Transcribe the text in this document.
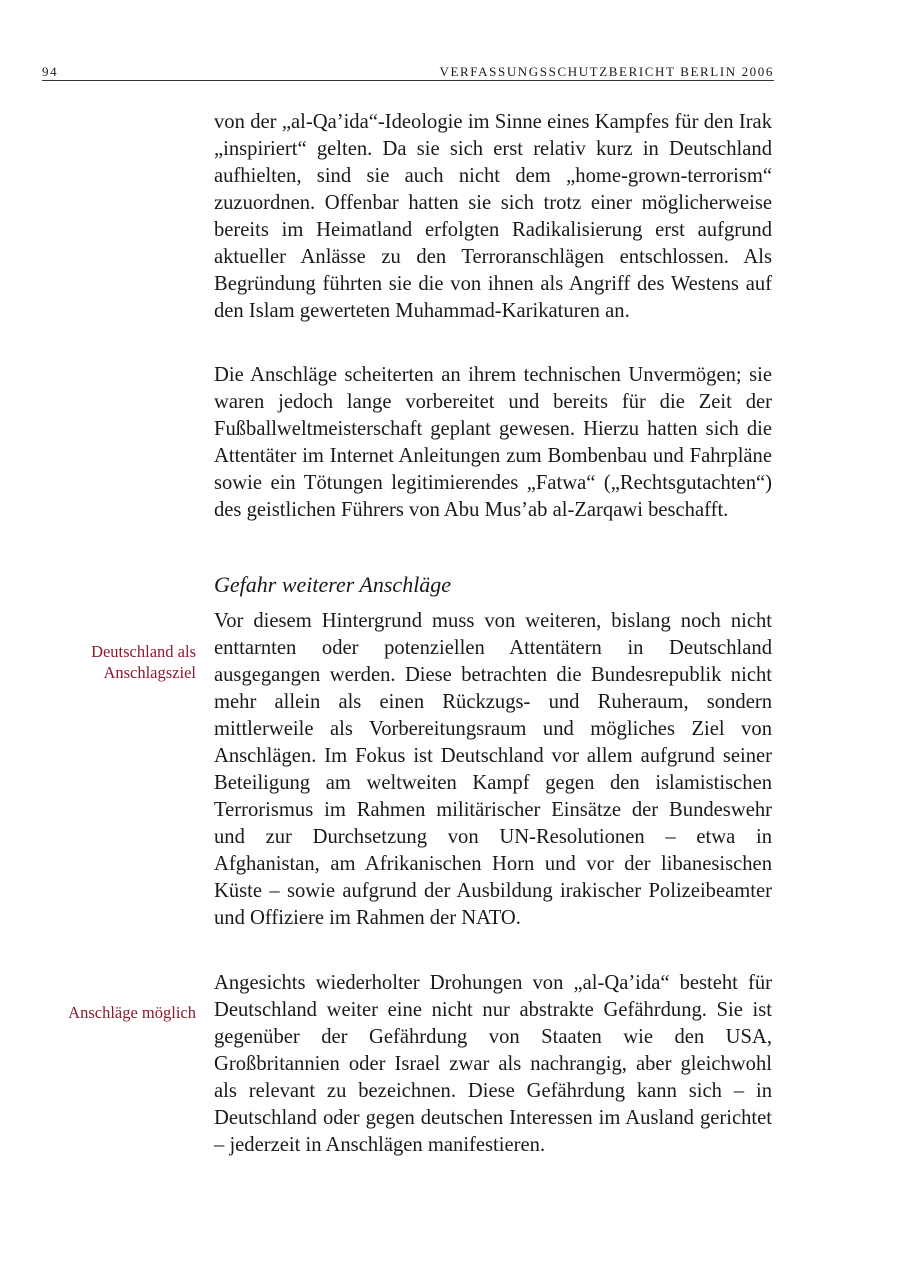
94	VERFASSUNGSSCHUTZBERICHT BERLIN 2006

von der „al-Qa’ida“-Ideologie im Sinne eines Kampfes für den Irak „inspiriert“ gelten. Da sie sich erst relativ kurz in Deutschland aufhielten, sind sie auch nicht dem „home-grown-terrorism“ zuzuordnen. Offenbar hatten sie sich trotz einer möglicherweise bereits im Heimatland erfolgten Radikalisierung erst aufgrund aktueller Anlässe zu den Terroranschlägen entschlossen. Als Begründung führten sie die von ihnen als Angriff des Westens auf den Islam gewerteten Muhammad-Karikaturen an.

Die Anschläge scheiterten an ihrem technischen Unvermögen; sie waren jedoch lange vorbereitet und bereits für die Zeit der Fußballweltmeisterschaft geplant gewesen. Hierzu hatten sich die Attentäter im Internet Anleitungen zum Bombenbau und Fahrpläne sowie ein Tötungen legitimierendes „Fatwa“ („Rechtsgutachten“) des geistlichen Führers von Abu Mus’ab al-Zarqawi beschafft.

Gefahr weiterer Anschläge

Vor diesem Hintergrund muss von weiteren, bislang noch nicht enttarnten oder potenziellen Attentätern in Deutschland ausgegangen werden. Diese betrachten die Bundesrepublik nicht mehr allein als einen Rückzugs- und Ruheraum, sondern mittlerweile als Vorbereitungsraum und mögliches Ziel von Anschlägen. Im Fokus ist Deutschland vor allem aufgrund seiner Beteiligung am weltweiten Kampf gegen den islamistischen Terrorismus im Rahmen militärischer Einsätze der Bundeswehr und zur Durchsetzung von UN-Resolutionen – etwa in Afghanistan, am Afrikanischen Horn und vor der libanesischen Küste – sowie aufgrund der Ausbildung irakischer Polizeibeamter und Offiziere im Rahmen der NATO.

Angesichts wiederholter Drohungen von „al-Qa’ida“ besteht für Deutschland weiter eine nicht nur abstrakte Gefährdung. Sie ist gegenüber der Gefährdung von Staaten wie den USA, Großbritannien oder Israel zwar als nachrangig, aber gleichwohl als relevant zu bezeichnen. Diese Gefährdung kann sich – in Deutschland oder gegen deutschen Interessen im Ausland gerichtet – jederzeit in Anschlägen manifestieren.

Deutschland als
Anschlagsziel
Anschläge möglich
